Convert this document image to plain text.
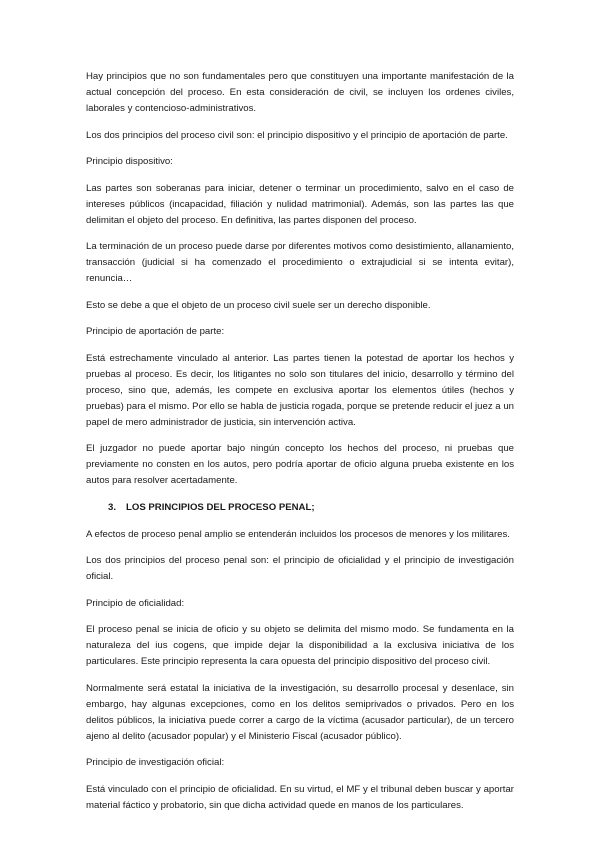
Hay principios que no son fundamentales pero que constituyen una importante manifestación de la actual concepción del proceso. En esta consideración de civil, se incluyen los ordenes civiles, laborales y contencioso-administrativos.

Los dos principios del proceso civil son: el principio dispositivo y el principio de aportación de parte.

Principio dispositivo:

Las partes son soberanas para iniciar, detener o terminar un procedimiento, salvo en el caso de intereses públicos (incapacidad, filiación y nulidad matrimonial). Además, son las partes las que delimitan el objeto del proceso. En definitiva, las partes disponen del proceso.

La terminación de un proceso puede darse por diferentes motivos como desistimiento, allanamiento, transacción (judicial si ha comenzado el procedimiento o extrajudicial si se intenta evitar), renuncia…

Esto se debe a que el objeto de un proceso civil suele ser un derecho disponible.

Principio de aportación de parte:

Está estrechamente vinculado al anterior. Las partes tienen la potestad de aportar los hechos y pruebas al proceso. Es decir, los litigantes no solo son titulares del inicio, desarrollo y término del proceso, sino que, además, les compete en exclusiva aportar los elementos útiles (hechos y pruebas) para el mismo. Por ello se habla de justicia rogada, porque se pretende reducir el juez a un papel de mero administrador de justicia, sin intervención activa.

El juzgador no puede aportar bajo ningún concepto los hechos del proceso, ni pruebas que previamente no consten en los autos, pero podría aportar de oficio alguna prueba existente en los autos para resolver acertadamente.

3. LOS PRINCIPIOS DEL PROCESO PENAL;

A efectos de proceso penal amplio se entenderán incluidos los procesos de menores y los militares.

Los dos principios del proceso penal son: el principio de oficialidad y el principio de investigación oficial.

Principio de oficialidad:

El proceso penal se inicia de oficio y su objeto se delimita del mismo modo. Se fundamenta en la naturaleza del ius cogens, que impide dejar la disponibilidad a la exclusiva iniciativa de los particulares. Este principio representa la cara opuesta del principio dispositivo del proceso civil.

Normalmente será estatal la iniciativa de la investigación, su desarrollo procesal y desenlace, sin embargo, hay algunas excepciones, como en los delitos semiprivados o privados. Pero en los delitos públicos, la iniciativa puede correr a cargo de la víctima (acusador particular), de un tercero ajeno al delito (acusador popular) y el Ministerio Fiscal (acusador público).

Principio de investigación oficial:

Está vinculado con el principio de oficialidad. En su virtud, el MF y el tribunal deben buscar y aportar material fáctico y probatorio, sin que dicha actividad quede en manos de los particulares.
